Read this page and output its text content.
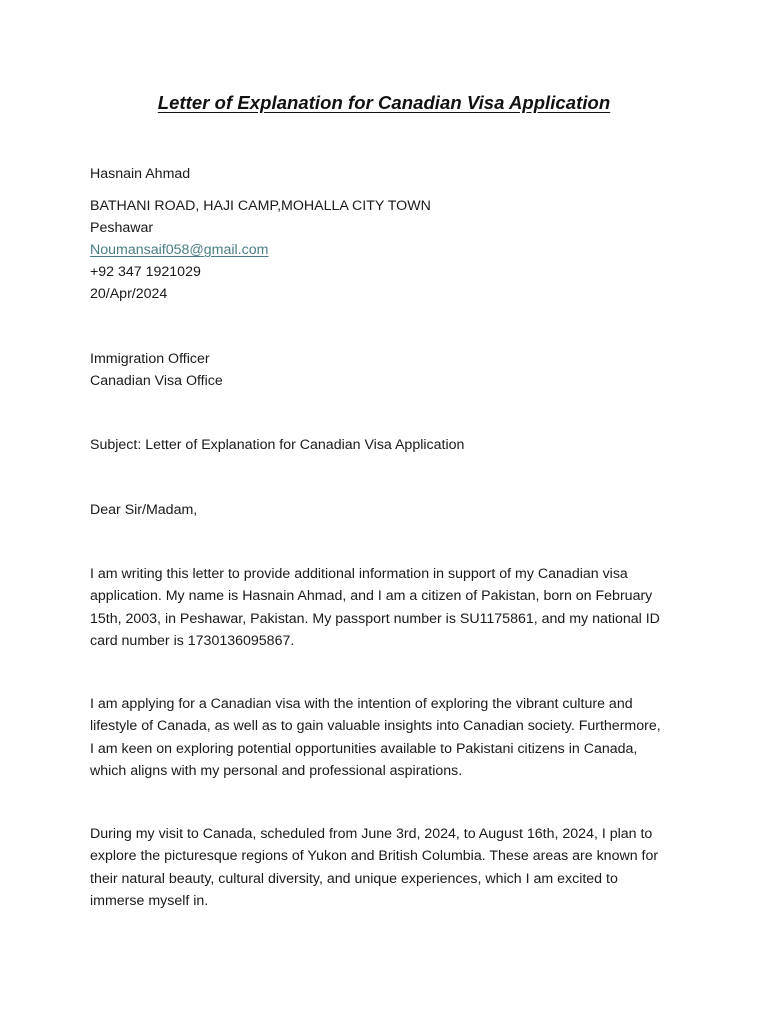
Letter of Explanation for Canadian Visa Application
Hasnain Ahmad
BATHANI ROAD, HAJI CAMP,MOHALLA CITY TOWN
Peshawar
Noumansaif058@gmail.com
+92 347 1921029
20/Apr/2024
Immigration Officer
Canadian Visa Office
Subject: Letter of Explanation for Canadian Visa Application
Dear Sir/Madam,
I am writing this letter to provide additional information in support of my Canadian visa
application. My name is Hasnain Ahmad, and I am a citizen of Pakistan, born on February
15th, 2003, in Peshawar, Pakistan. My passport number is SU1175861, and my national ID
card number is 1730136095867.
I am applying for a Canadian visa with the intention of exploring the vibrant culture and
lifestyle of Canada, as well as to gain valuable insights into Canadian society. Furthermore,
I am keen on exploring potential opportunities available to Pakistani citizens in Canada,
which aligns with my personal and professional aspirations.
During my visit to Canada, scheduled from June 3rd, 2024, to August 16th, 2024, I plan to
explore the picturesque regions of Yukon and British Columbia. These areas are known for
their natural beauty, cultural diversity, and unique experiences, which I am excited to
immerse myself in.
